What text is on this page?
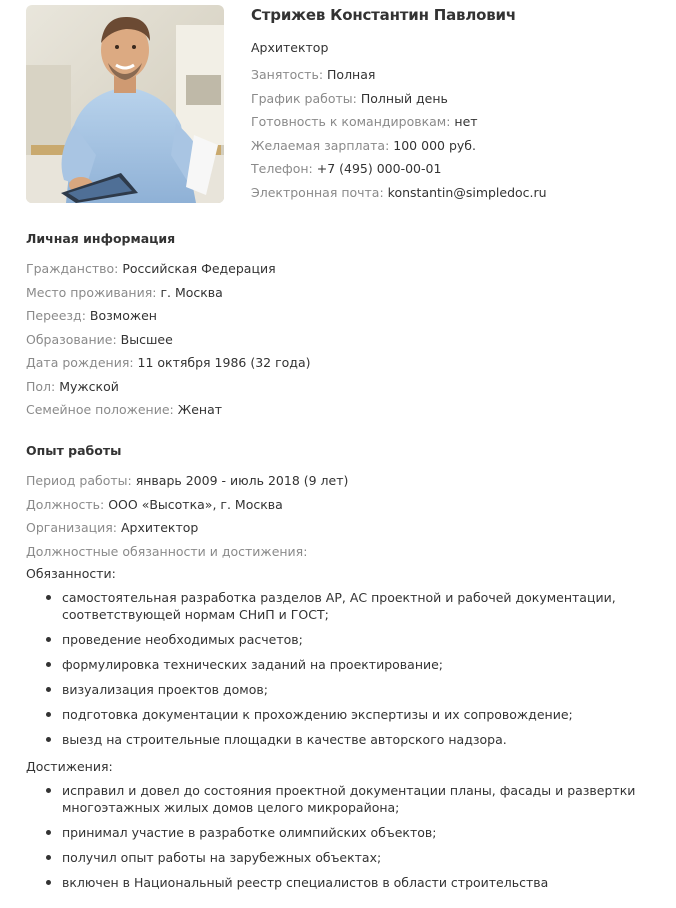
Стрижев Константин Павлович
Архитектор
Занятость: Полная
График работы: Полный день
Готовность к командировкам: нет
Желаемая зарплата: 100 000 руб.
Телефон: +7 (495) 000-00-01
Электронная почта: konstantin@simpledoc.ru
Личная информация
Гражданство: Российская Федерация
Место проживания: г. Москва
Переезд: Возможен
Образование: Высшее
Дата рождения: 11 октября 1986 (32 года)
Пол: Мужской
Семейное положение: Женат
Опыт работы
Период работы: январь 2009 - июль 2018 (9 лет)
Должность: ООО «Высотка», г. Москва
Организация: Архитектор
Должностные обязанности и достижения:
Обязанности:
самостоятельная разработка разделов АР, АС проектной и рабочей документации, соответствующей нормам СНиП и ГОСТ;
проведение необходимых расчетов;
формулировка технических заданий на проектирование;
визуализация проектов домов;
подготовка документации к прохождению экспертизы и их сопровождение;
выезд на строительные площадки в качестве авторского надзора.
Достижения:
исправил и довел до состояния проектной документации планы, фасады и развертки многоэтажных жилых домов целого микрорайона;
принимал участие в разработке олимпийских объектов;
получил опыт работы на зарубежных объектах;
включен в Национальный реестр специалистов в области строительства
